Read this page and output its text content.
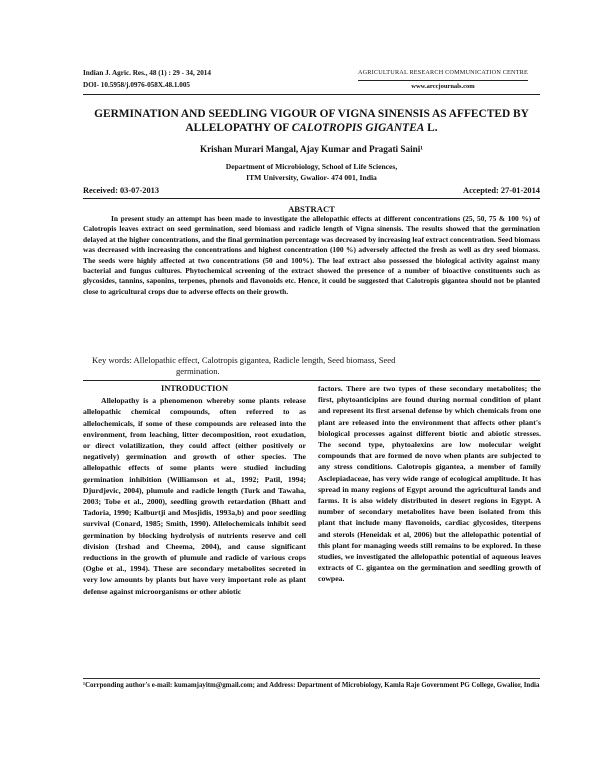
Indian J. Agric. Res., 48 (1) : 29 - 34, 2014
DOI- 10.5958/j.0976-058X.48.1.005
AGRICULTURAL RESEARCH COMMUNICATION CENTRE
www.arccjournals.com
GERMINATION AND SEEDLING VIGOUR OF VIGNA SINENSIS AS AFFECTED BY ALLELOPATHY OF CALOTROPIS GIGANTEA L.
Krishan Murari Mangal, Ajay Kumar and Pragati Saini¹
Department of Microbiology, School of Life Sciences,
ITM University, Gwalior- 474 001, India
Received: 03-07-2013	Accepted: 27-01-2014
ABSTRACT
In present study an attempt has been made to investigate the allelopathic effects at different concentrations (25, 50, 75 & 100 %) of Calotropis leaves extract on seed germination, seed biomass and radicle length of Vigna sinensis. The results showed that the germination delayed at the higher concentrations, and the final germination percentage was decreased by increasing leaf extract concentration. Seed biomass was decreased with increasing the concentrations and highest concentration (100 %) adversely affected the fresh as well as dry seed biomass. The seeds were highly affected at two concentrations (50 and 100%). The leaf extract also possessed the biological activity against many bacterial and fungus cultures. Phytochemical screening of the extract showed the presence of a number of bioactive constituents such as glycosides, tannins, saponins, terpenes, phenols and flavonoids etc. Hence, it could be suggested that Calotropis gigantea should not be planted close to agricultural crops due to adverse effects on their growth.
Key words: Allelopathic effect, Calotropis gigantea, Radicle length, Seed biomass, Seed
germination.
INTRODUCTION

Allelopathy is a phenomenon whereby some plants release allelopathic chemical compounds, often referred to as allelochemicals, if some of these compounds are released into the environment, from leaching, litter decomposition, root exudation, or direct volatilization, they could affect (either positively or negatively) germination and growth of other species. The allelopathic effects of some plants were studied including germination inhibition (Williamson et al., 1992; Patil, 1994; Djurdjevic, 2004), plumule and radicle length (Turk and Tawaha, 2003; Tobe et al., 2000), seedling growth retardation (Bhatt and Tadoria, 1990; Kalburtji and Mosjidis, 1993a,b) and poor seedling survival (Conard, 1985; Smith, 1990). Allelochemicals inhibit seed germination by blocking hydrolysis of nutrients reserve and cell division (Irshad and Cheema, 2004), and cause significant reductions in the growth of plumule and radicle of various crops (Ogbe et al., 1994). These are secondary metabolites secreted in very low amounts by plants but have very important role as plant defense against microorganisms or other abiotic

factors. There are two types of these secondary metabolites; the first, phytoanticipins are found during normal condition of plant and represent its first arsenal defense by which chemicals from one plant are released into the environment that affects other plant's biological processes against different biotic and abiotic stresses. The second type, phytoalexins are low molecular weight compounds that are formed de novo when plants are subjected to any stress conditions. Calotropis gigantea, a member of family Asclepiadaceae, has very wide range of ecological amplitude. It has spread in many regions of Egypt around the agricultural lands and farms. It is also widely distributed in desert regions in Egypt. A number of secondary metabolites have been isolated from this plant that include many flavonoids, cardiac glycosides, titerpens and sterols (Heneidak et al, 2006) but the allelopathic potential of this plant for managing weeds still remains to be explored. In these studies, we investigated the allelopathic potential of aqueous leaves extracts of C. gigantea on the germination and seedling growth of cowpea.

¹Corrponding author's e-mail: kumamjayitm@gmail.com; and Address: Department of Microbiology, Kamla Raje Government PG College, Gwalior, India
